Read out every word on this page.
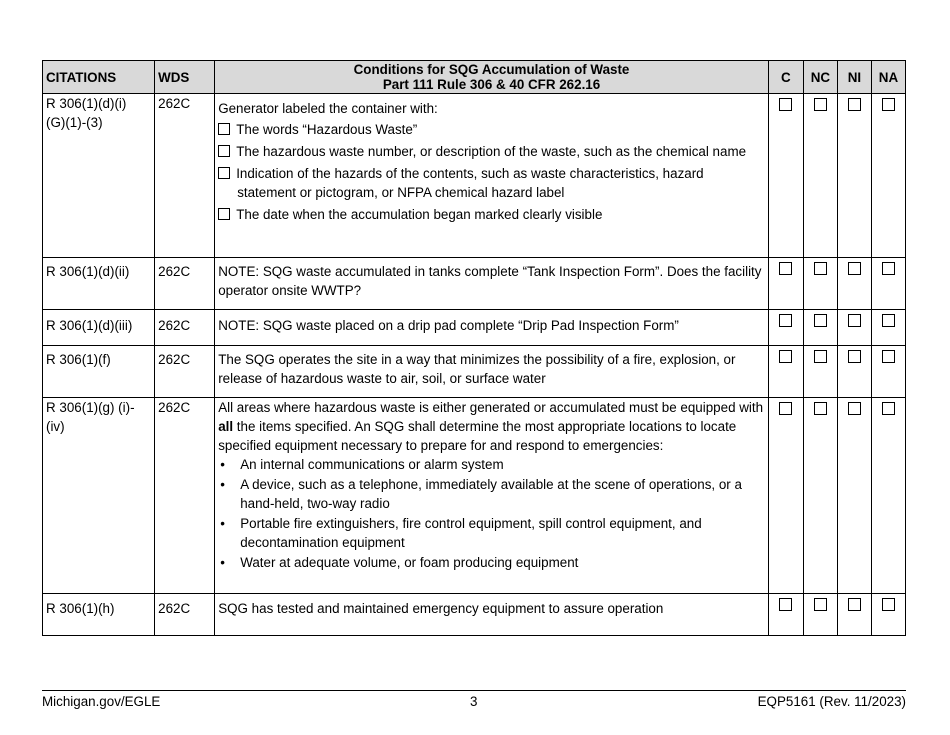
CITATIONS	WDS	Conditions for SQG Accumulation of Waste
Part 111 Rule 306 & 40 CFR 262.16	C	NC	NI	NA

R 306(1)(d)(i)
(G)(1)-(3)	262C	Generator labeled the container with:
The words “Hazardous Waste”
The hazardous waste number, or description of the waste, such as the chemical name
Indication of the hazards of the contents, such as waste characteristics, hazard statement or pictogram, or NFPA chemical hazard label
The date when the accumulation began marked clearly visible				

R 306(1)(d)(ii)	262C	NOTE: SQG waste accumulated in tanks complete “Tank Inspection Form”. Does the facility operator onsite WWTP?				
R 306(1)(d)(iii)	262C	NOTE: SQG waste placed on a drip pad complete “Drip Pad Inspection Form”				
R 306(1)(f)	262C	The SQG operates the site in a way that minimizes the possibility of a fire, explosion, or release of hazardous waste to air, soil, or surface water				

R 306(1)(g) (i)-
(iv)	262C	All areas where hazardous waste is either generated or accumulated must be equipped with all the items specified. An SQG shall determine the most appropriate locations to locate specified equipment necessary to prepare for and respond to emergencies:
• An internal communications or alarm system
• A device, such as a telephone, immediately available at the scene of operations, or a hand-held, two-way radio
• Portable fire extinguishers, fire control equipment, spill control equipment, and decontamination equipment
• Water at adequate volume, or foam producing equipment

R 306(1)(h)	262C	SQG has tested and maintained emergency equipment to assure operation				
Michigan.gov/EGLE	3	EQP5161 (Rev. 11/2023)
